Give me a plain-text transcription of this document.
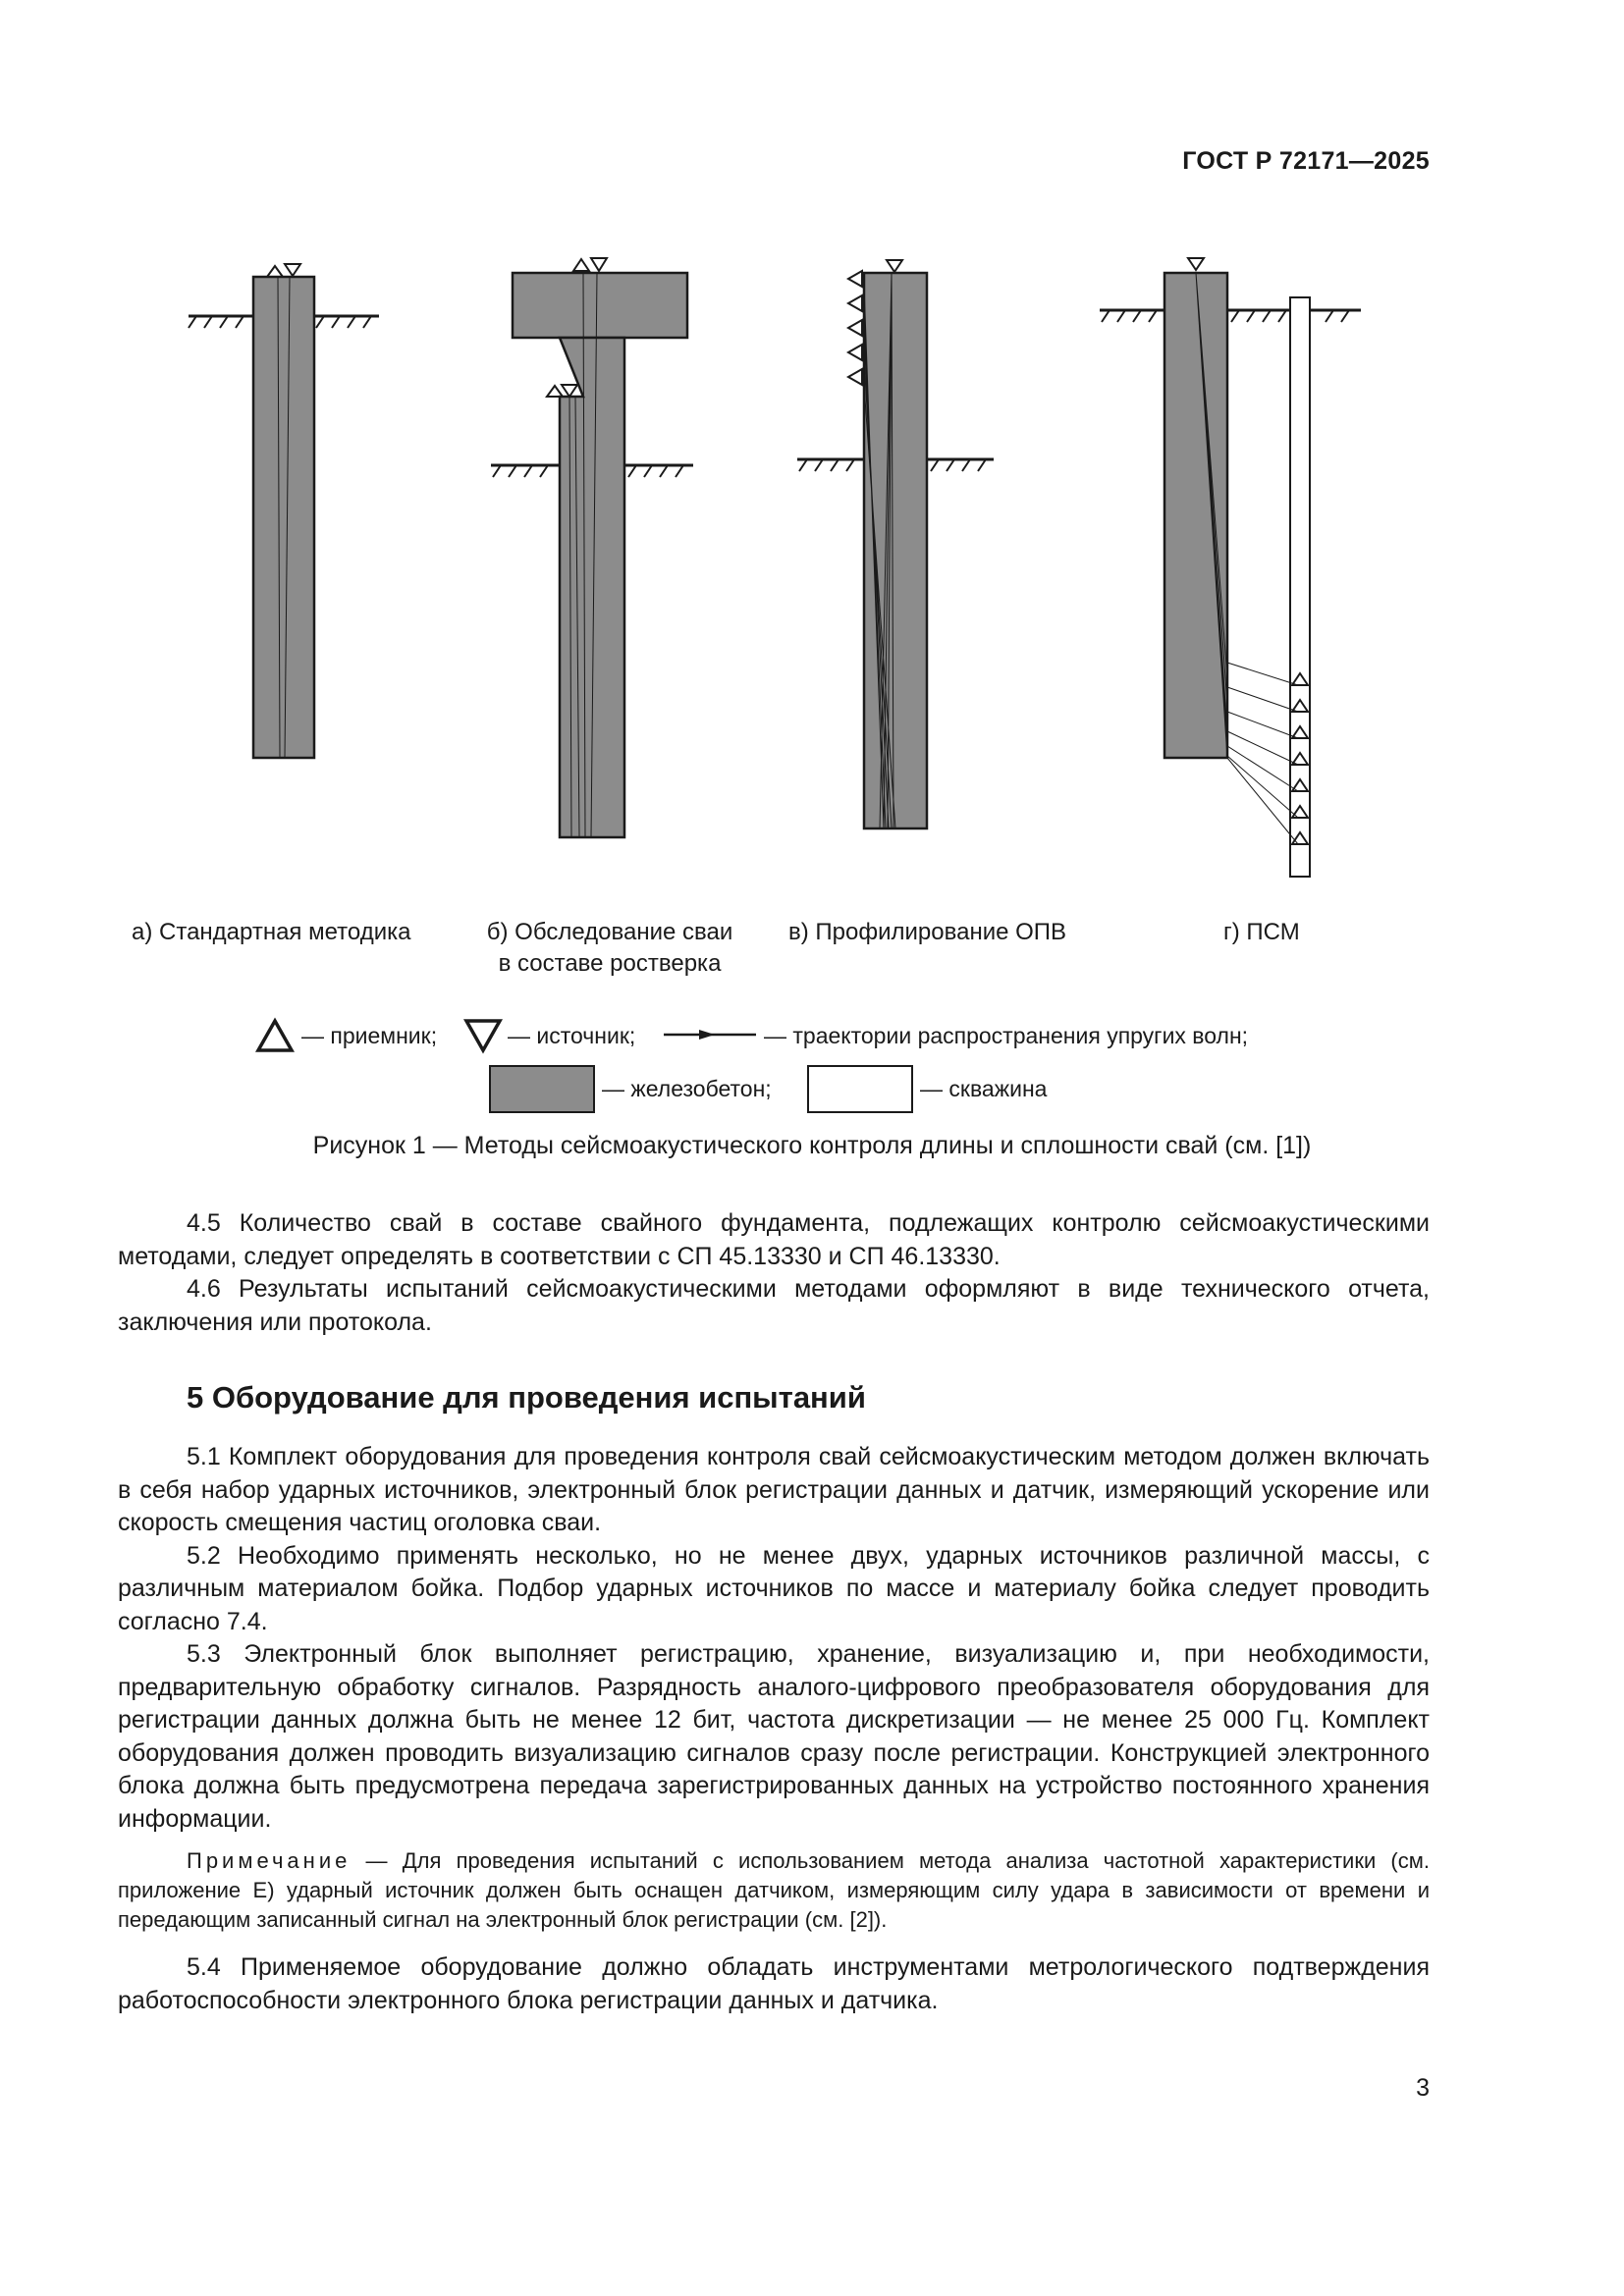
ГОСТ Р 72171—2025
а) Стандартная методика	б) Обследование сваи
в составе ростверка
в) Профилирование ОПВ	г) ПСМ
— приемник;	— источник;	— траектории распространения упругих волн;
— железобетон;	— скважина
Рисунок 1 — Методы сейсмоакустического контроля длины и сплошности свай (см. [1])

4.5 Количество свай в составе свайного фундамента, подлежащих контролю сейсмоакустическими методами, следует определять в соответствии с СП 45.13330 и СП 46.13330.

4.6 Результаты испытаний сейсмоакустическими методами оформляют в виде технического отчета, заключения или протокола.

5 Оборудование для проведения испытаний

5.1 Комплект оборудования для проведения контроля свай сейсмоакустическим методом должен включать в себя набор ударных источников, электронный блок регистрации данных и датчик, измеряющий ускорение или скорость смещения частиц оголовка сваи.

5.2 Необходимо применять несколько, но не менее двух, ударных источников различной массы, с различным материалом бойка. Подбор ударных источников по массе и материалу бойка следует проводить согласно 7.4.

5.3 Электронный блок выполняет регистрацию, хранение, визуализацию и, при необходимости, предварительную обработку сигналов. Разрядность аналого-цифрового преобразователя оборудования для регистрации данных должна быть не менее 12 бит, частота дискретизации — не менее 25 000 Гц. Комплект оборудования должен проводить визуализацию сигналов сразу после регистрации. Конструкцией электронного блока должна быть предусмотрена передача зарегистрированных данных на устройство постоянного хранения информации.

Примечание — Для проведения испытаний с использованием метода анализа частотной характеристики (см. приложение Е) ударный источник должен быть оснащен датчиком, измеряющим силу удара в зависимости от времени и передающим записанный сигнал на электронный блок регистрации (см. [2]).

5.4 Применяемое оборудование должно обладать инструментами метрологического подтверждения работоспособности электронного блока регистрации данных и датчика.

3
